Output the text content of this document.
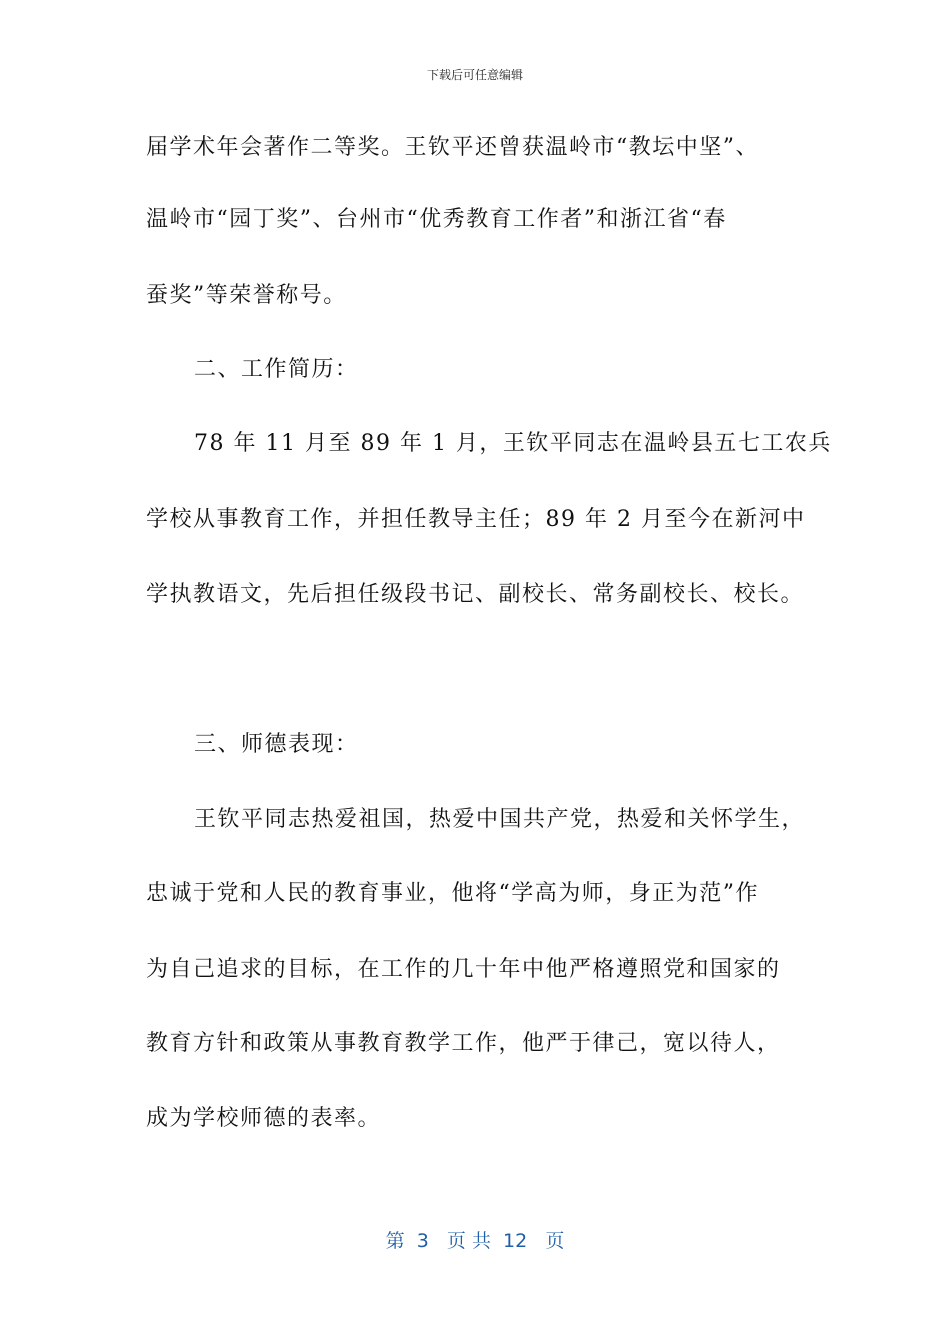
下载后可任意编辑
届学术年会著作二等奖。王钦平还曾获温岭市“教坛中坚”、
温岭市“园丁奖”、台州市“优秀教育工作者”和浙江省“春
蚕奖”等荣誉称号。
二、工作简历：
78 年 11 月至 89 年 1 月，王钦平同志在温岭县五七工农兵
学校从事教育工作，并担任教导主任；89 年 2 月至今在新河中
学执教语文，先后担任级段书记、副校长、常务副校长、校长。
三、师德表现：
王钦平同志热爱祖国，热爱中国共产党，热爱和关怀学生，
忠诚于党和人民的教育事业，他将“学高为师，身正为范”作
为自己追求的目标，在工作的几十年中他严格遵照党和国家的
教育方针和政策从事教育教学工作，他严于律己，宽以待人，
成为学校师德的表率。
第  3   页 共  12   页
